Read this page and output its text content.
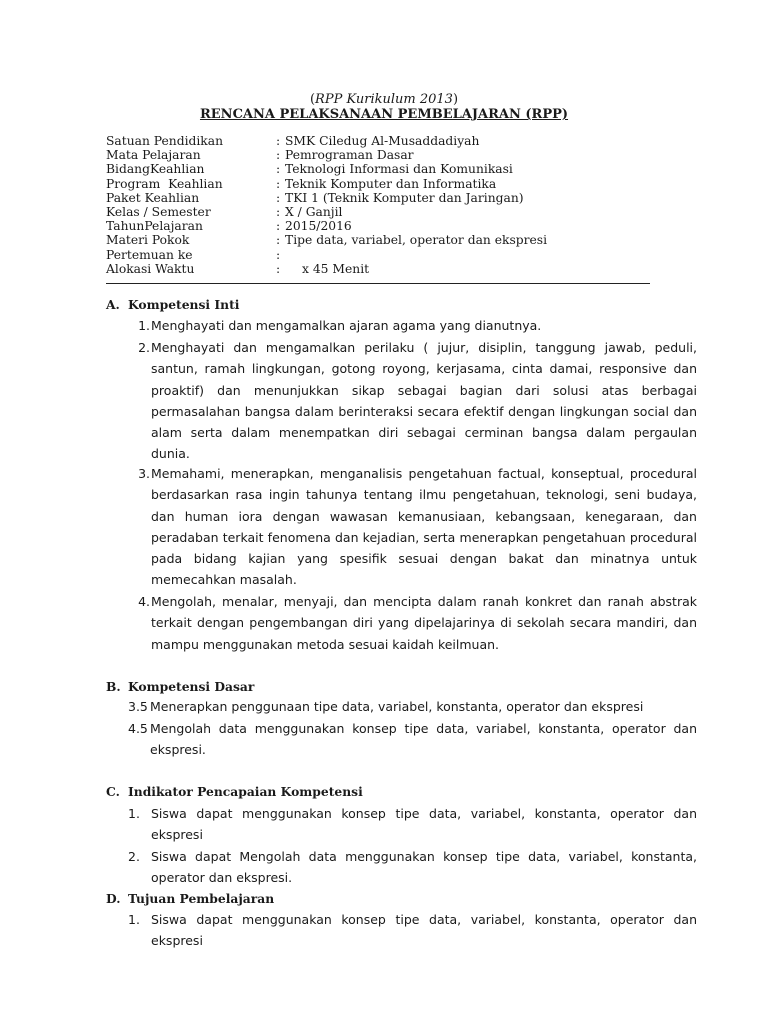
(RPP Kurikulum 2013)
RENCANA PELAKSANAAN PEMBELAJARAN (RPP)
Satuan Pendidikan	: SMK Ciledug Al-Musaddadiyah
Mata Pelajaran	: Pemrograman Dasar
BidangKeahlian	: Teknologi Informasi dan Komunikasi
Program  Keahlian	: Teknik Komputer dan Informatika
Paket Keahlian	: TKI 1 (Teknik Komputer dan Jaringan)
Kelas / Semester	: X / Ganjil
TahunPelajaran	: 2015/2016
Materi Pokok	: Tipe data, variabel, operator dan ekspresi
Pertemuan ke	:
Alokasi Waktu	: x 45 Menit
A. Kompetensi Inti
1. Menghayati dan mengamalkan ajaran agama yang dianutnya.
2. Menghayati dan mengamalkan perilaku ( jujur, disiplin, tanggung jawab, peduli, santun, ramah lingkungan, gotong royong, kerjasama, cinta damai, responsive dan proaktif) dan menunjukkan sikap sebagai bagian dari solusi atas berbagai permasalahan bangsa dalam berinteraksi secara efektif dengan lingkungan social dan alam serta dalam menempatkan diri sebagai cerminan bangsa dalam pergaulan dunia.
3. Memahami, menerapkan, menganalisis pengetahuan factual, konseptual, procedural berdasarkan rasa ingin tahunya tentang ilmu pengetahuan, teknologi, seni budaya, dan human iora dengan wawasan kemanusiaan, kebangsaan, kenegaraan, dan peradaban terkait fenomena dan kejadian, serta menerapkan pengetahuan procedural pada bidang kajian yang spesifik sesuai dengan bakat dan minatnya untuk memecahkan masalah.
4. Mengolah, menalar, menyaji, dan mencipta dalam ranah konkret dan ranah abstrak terkait dengan pengembangan diri yang dipelajarinya di sekolah secara mandiri, dan mampu menggunakan metoda sesuai kaidah keilmuan.
B. Kompetensi Dasar
3.5 Menerapkan penggunaan tipe data, variabel, konstanta, operator dan ekspresi
4.5 Mengolah data menggunakan konsep tipe data, variabel, konstanta, operator dan ekspresi.
C. Indikator Pencapaian Kompetensi
1. Siswa dapat menggunakan konsep tipe data, variabel, konstanta, operator dan ekspresi
2. Siswa dapat Mengolah data menggunakan konsep tipe data, variabel, konstanta, operator dan ekspresi.
D. Tujuan Pembelajaran
1. Siswa dapat menggunakan konsep tipe data, variabel, konstanta, operator dan ekspresi
